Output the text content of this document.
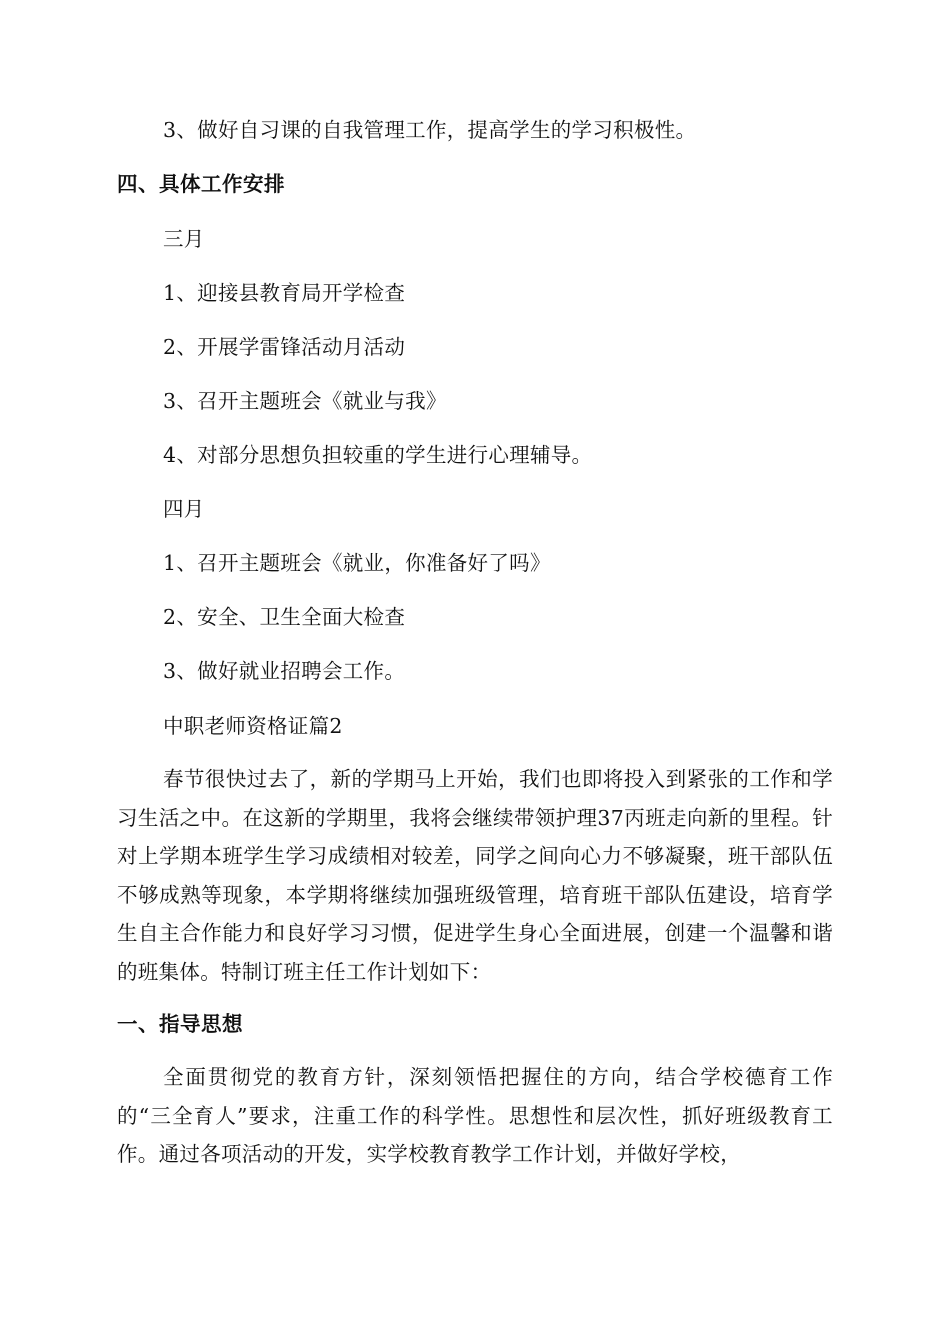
3、做好自习课的自我管理工作，提高学生的学习积极性。
四、具体工作安排
三月
1、迎接县教育局开学检查
2、开展学雷锋活动月活动
3、召开主题班会《就业与我》
4、对部分思想负担较重的学生进行心理辅导。
四月
1、召开主题班会《就业，你准备好了吗》
2、安全、卫生全面大检查
3、做好就业招聘会工作。
中职老师资格证篇2
春节很快过去了，新的学期马上开始，我们也即将投入到紧张的工作和学习生活之中。在这新的学期里，我将会继续带领护理37丙班走向新的里程。针对上学期本班学生学习成绩相对较差，同学之间向心力不够凝聚，班干部队伍不够成熟等现象，本学期将继续加强班级管理，培育班干部队伍建设，培育学生自主合作能力和良好学习习惯，促进学生身心全面进展，创建一个温馨和谐的班集体。特制订班主任工作计划如下：
一、指导思想
全面贯彻党的教育方针，深刻领悟把握住的方向，结合学校德育工作的“三全育人”要求，注重工作的科学性。思想性和层次性，抓好班级教育工作。通过各项活动的开发，实学校教育教学工作计划，并做好学校，
